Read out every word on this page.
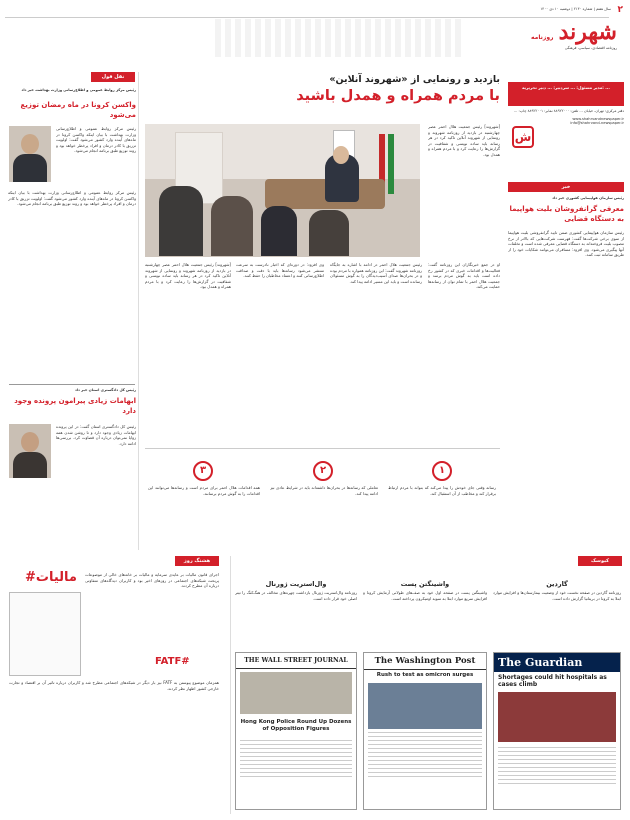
۲
سال هفتم | شماره ۲۱۳۰ | دوشنبه ۱۰ دی ۱۴۰۰
شهرند روزنامه
روزنامه اقتصادی، سیاسی، فرهنگی
مدیر مسئول: ... سردبیر: ... دبیر تحریریه: ...
دفتر مرکزی: تهران، خیابان ... تلفن: ۸۸۹۲۲۰۰۰ نمابر: ۸۸۹۲۲۰۰۱ چاپ: ...
www.shahrvandnewspaper.ir
info@shahrvand-newspaper.ir
ش
بازدید و رونمایی از «شهروند آنلاین»
با مردم همراه و همدل باشید
[شهروند] رئیس جمعیت هلال احمر عصر چهارشنبه در بازدید از روزنامه شهروند و رونمایی از شهروند آنلاین تاکید کرد در هر رسانه باید ساده نویسی و شفافیت در گزارش‌ها را رعایت کرد و با مردم همراه و همدل بود.
او در جمع خبرنگاران این روزنامه گفت: فعالیت‌ها و اقدامات خبری که در کشور رخ داده است باید به گوش مردم برسد و جمعیت هلال احمر با تمام توان از رسانه‌ها حمایت می‌کند.
رئیس جمعیت هلال احمر در ادامه با اشاره به جایگاه روزنامه شهروند گفت: این روزنامه همواره با مردم بوده و در بحران‌ها صدای آسیب‌دیدگان را به گوش مسئولان رسانده است و باید این مسیر ادامه پیدا کند.
وی افزود: در دوره‌ای که اخبار نادرست به سرعت منتشر می‌شود رسانه‌ها باید با دقت و صداقت اطلاع‌رسانی کنند و اعتماد مخاطبان را حفظ کنند.
[شهروند] رئیس جمعیت هلال احمر عصر چهارشنبه در بازدید از روزنامه شهروند و رونمایی از شهروند آنلاین تاکید کرد در هر رسانه باید ساده نویسی و شفافیت در گزارش‌ها را رعایت کرد و با مردم همراه و همدل بود.
۱
رسانه وقتی جای خودش را پیدا می‌کند که بتواند با مردم ارتباط برقرار کند و مخاطب از آن استقبال کند.
۲
تعاملی که رسانه‌ها در بحران‌ها داشته‌اند باید در شرایط عادی نیز ادامه پیدا کند.
۳
همه اقدامات هلال احمر برای مردم است و رسانه‌ها می‌توانند این اقدامات را به گوش مردم برسانند.
خبر
رئیس سازمان هواپیمایی کشوری خبر داد
معرفی گرانفروشان بلیت هواپیما به دستگاه قضایی
رئیس سازمان هواپیمایی کشوری ضمن تایید گرانفروشی بلیت هواپیما از سوی برخی شرکت‌ها گفت: فهرست شرکت‌هایی که بالاتر از نرخ مصوب بلیت فروخته‌اند به دستگاه قضایی معرفی شده است و تخلفات آنها پیگیری می‌شود. وی افزود: مسافران می‌توانند شکایات خود را از طریق سامانه ثبت کنند.
نقل قول
رئیس مرکز روابط عمومی و اطلاع‌رسانی وزارت بهداشت خبر داد
واکسن کرونا در ماه رمضان توزیع می‌شود
رئیس مرکز روابط عمومی و اطلاع‌رسانی وزارت بهداشت با بیان اینکه واکسن کرونا در ماه‌های آینده وارد کشور می‌شود گفت: اولویت تزریق با کادر درمان و افراد پرخطر خواهد بود و روند توزیع طبق برنامه انجام می‌شود.
رئیس مرکز روابط عمومی و اطلاع‌رسانی وزارت بهداشت با بیان اینکه واکسن کرونا در ماه‌های آینده وارد کشور می‌شود گفت: اولویت تزریق با کادر درمان و افراد پرخطر خواهد بود و روند توزیع طبق برنامه انجام می‌شود.
رئیس کل دادگستری استان خبر داد
ابهامات زیادی پیرامون پرونده وجود دارد
رئیس کل دادگستری استان گفت: در این پرونده ابهامات زیادی وجود دارد و تا روشن شدن همه زوایا نمی‌توان درباره آن قضاوت کرد. بررسی‌ها ادامه دارد.
هشتگ روز
#مالیات اجرای قانون مالیات بر عایدی سرمایه و مالیات بر خانه‌های خالی از موضوعات پربحث شبکه‌های اجتماعی در روزهای اخیر بود و کاربران دیدگاه‌های متفاوتی درباره آن مطرح کردند.
FATF#
همزمان موضوع پیوستن به FATF نیز بار دیگر در شبکه‌های اجتماعی مطرح شد و کاربران درباره تاثیر آن بر اقتصاد و تجارت خارجی کشور اظهار نظر کردند.
کیوسک
گاردین
روزنامه گاردین در صفحه نخست خود از وضعیت بیمارستان‌ها و افزایش موارد ابتلا به کرونا در بریتانیا گزارش داده است.
The Guardian
Shortages could hit hospitals as cases climb
واشینگتن پست
واشینگتن پست در صفحه اول خود به صف‌های طولانی آزمایش کرونا و افزایش سریع موارد ابتلا به سویه اومیکرون پرداخته است.
The Washington Post
Rush to test as omicron surges
وال‌استریت ژورنال
روزنامه وال‌استریت ژورنال بازداشت چهره‌های مخالف در هنگ‌کنگ را تیتر اصلی خود قرار داده است.
THE WALL STREET JOURNAL
Hong Kong Police Round Up Dozens of Opposition Figures
